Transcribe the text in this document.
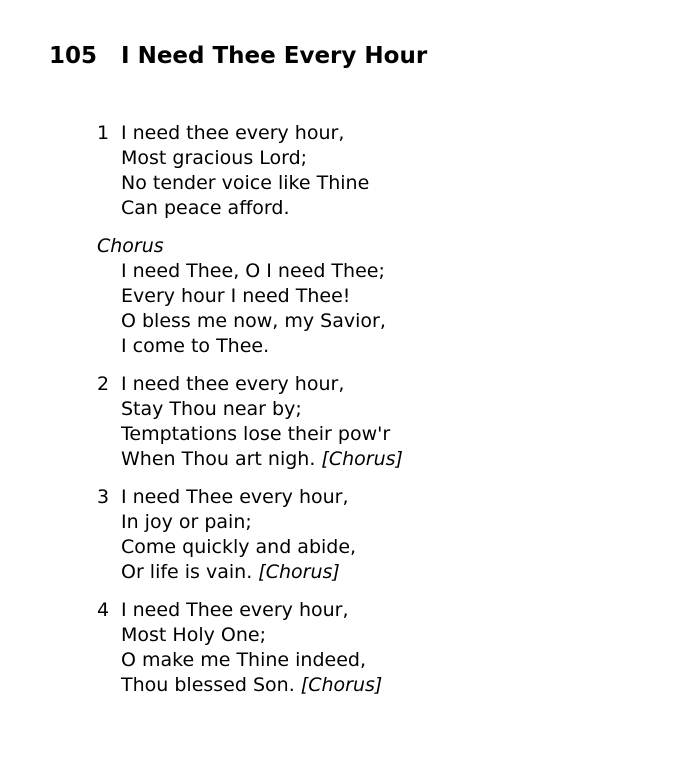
105 I Need Thee Every Hour
1 I need thee every hour,
Most gracious Lord;
No tender voice like Thine
Can peace afford.
Chorus
I need Thee, O I need Thee;
Every hour I need Thee!
O bless me now, my Savior,
I come to Thee.
2 I need thee every hour,
Stay Thou near by;
Temptations lose their pow'r
When Thou art nigh. [Chorus]
3 I need Thee every hour,
In joy or pain;
Come quickly and abide,
Or life is vain. [Chorus]
4 I need Thee every hour,
Most Holy One;
O make me Thine indeed,
Thou blessed Son. [Chorus]
